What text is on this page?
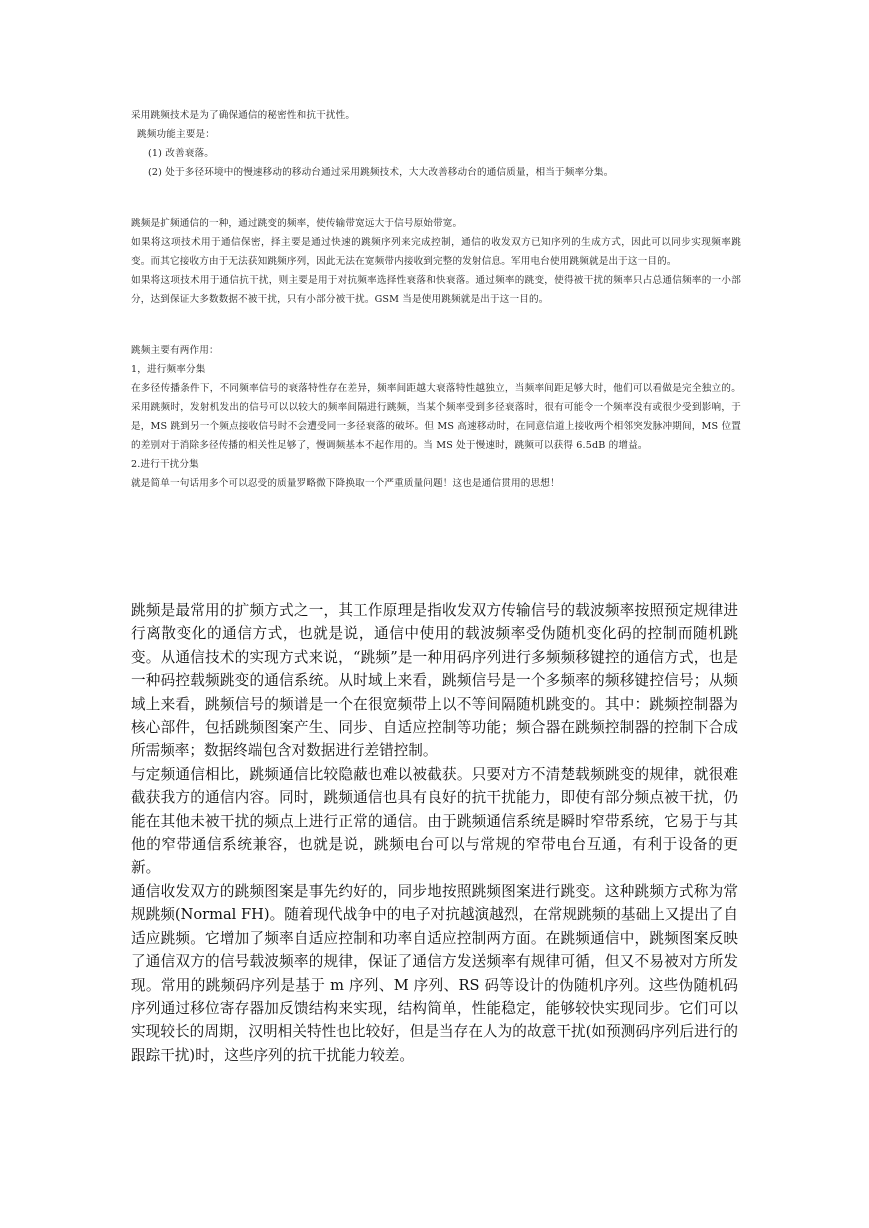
采用跳频技术是为了确保通信的秘密性和抗干扰性。

跳频功能主要是：

(1) 改善衰落。

(2) 处于多径环境中的慢速移动的移动台通过采用跳频技术，大大改善移动台的通信质量，相当于频率分集。

跳频是扩频通信的一种，通过跳变的频率，使传输带宽远大于信号原始带宽。

如果将这项技术用于通信保密，择主要是通过快速的跳频序列来完成控制，通信的收发双方已知序列的生成方式，因此可以同步实现频率跳变。而其它接收方由于无法获知跳频序列，因此无法在宽频带内接收到完整的发射信息。军用电台使用跳频就是出于这一目的。

如果将这项技术用于通信抗干扰，则主要是用于对抗频率选择性衰落和快衰落。通过频率的跳变，使得被干扰的频率只占总通信频率的一小部分，达到保证大多数数据不被干扰，只有小部分被干扰。GSM 当是使用跳频就是出于这一目的。

跳频主要有两作用：

1，进行频率分集

在多径传播条件下，不同频率信号的衰落特性存在差异，频率间距越大衰落特性越独立，当频率间距足够大时，他们可以看做是完全独立的。采用跳频时，发射机发出的信号可以以较大的频率间隔进行跳频，当某个频率受到多径衰落时，很有可能令一个频率没有或很少受到影响，于是，MS 跳到另一个频点接收信号时不会遭受同一多径衰落的破坏。但 MS 高速移动时，在同意信道上接收两个相邻突发脉冲期间，MS 位置的差别对于消除多径传播的相关性足够了，慢调频基本不起作用的。当 MS 处于慢速时，跳频可以获得 6.5dB 的增益。

2.进行干扰分集

就是简单一句话用多个可以忍受的质量罗略微下降换取一个严重质量问题！这也是通信贯用的思想！

跳频是最常用的扩频方式之一，其工作原理是指收发双方传输信号的载波频率按照预定规律进行离散变化的通信方式，也就是说，通信中使用的载波频率受伪随机变化码的控制而随机跳变。从通信技术的实现方式来说，“跳频”是一种用码序列进行多频频移键控的通信方式，也是一种码控载频跳变的通信系统。从时域上来看，跳频信号是一个多频率的频移键控信号；从频域上来看，跳频信号的频谱是一个在很宽频带上以不等间隔随机跳变的。其中：跳频控制器为核心部件，包括跳频图案产生、同步、自适应控制等功能；频合器在跳频控制器的控制下合成所需频率；数据终端包含对数据进行差错控制。

与定频通信相比，跳频通信比较隐蔽也难以被截获。只要对方不清楚载频跳变的规律，就很难截获我方的通信内容。同时，跳频通信也具有良好的抗干扰能力，即使有部分频点被干扰，仍能在其他未被干扰的频点上进行正常的通信。由于跳频通信系统是瞬时窄带系统，它易于与其他的窄带通信系统兼容，也就是说，跳频电台可以与常规的窄带电台互通，有利于设备的更新。

通信收发双方的跳频图案是事先约好的，同步地按照跳频图案进行跳变。这种跳频方式称为常规跳频(Normal FH)。随着现代战争中的电子对抗越演越烈，在常规跳频的基础上又提出了自适应跳频。它增加了频率自适应控制和功率自适应控制两方面。在跳频通信中，跳频图案反映了通信双方的信号载波频率的规律，保证了通信方发送频率有规律可循，但又不易被对方所发现。常用的跳频码序列是基于 m 序列、M 序列、RS 码等设计的伪随机序列。这些伪随机码序列通过移位寄存器加反馈结构来实现，结构简单，性能稳定，能够较快实现同步。它们可以实现较长的周期，汉明相关特性也比较好，但是当存在人为的故意干扰(如预测码序列后进行的跟踪干扰)时，这些序列的抗干扰能力较差。
